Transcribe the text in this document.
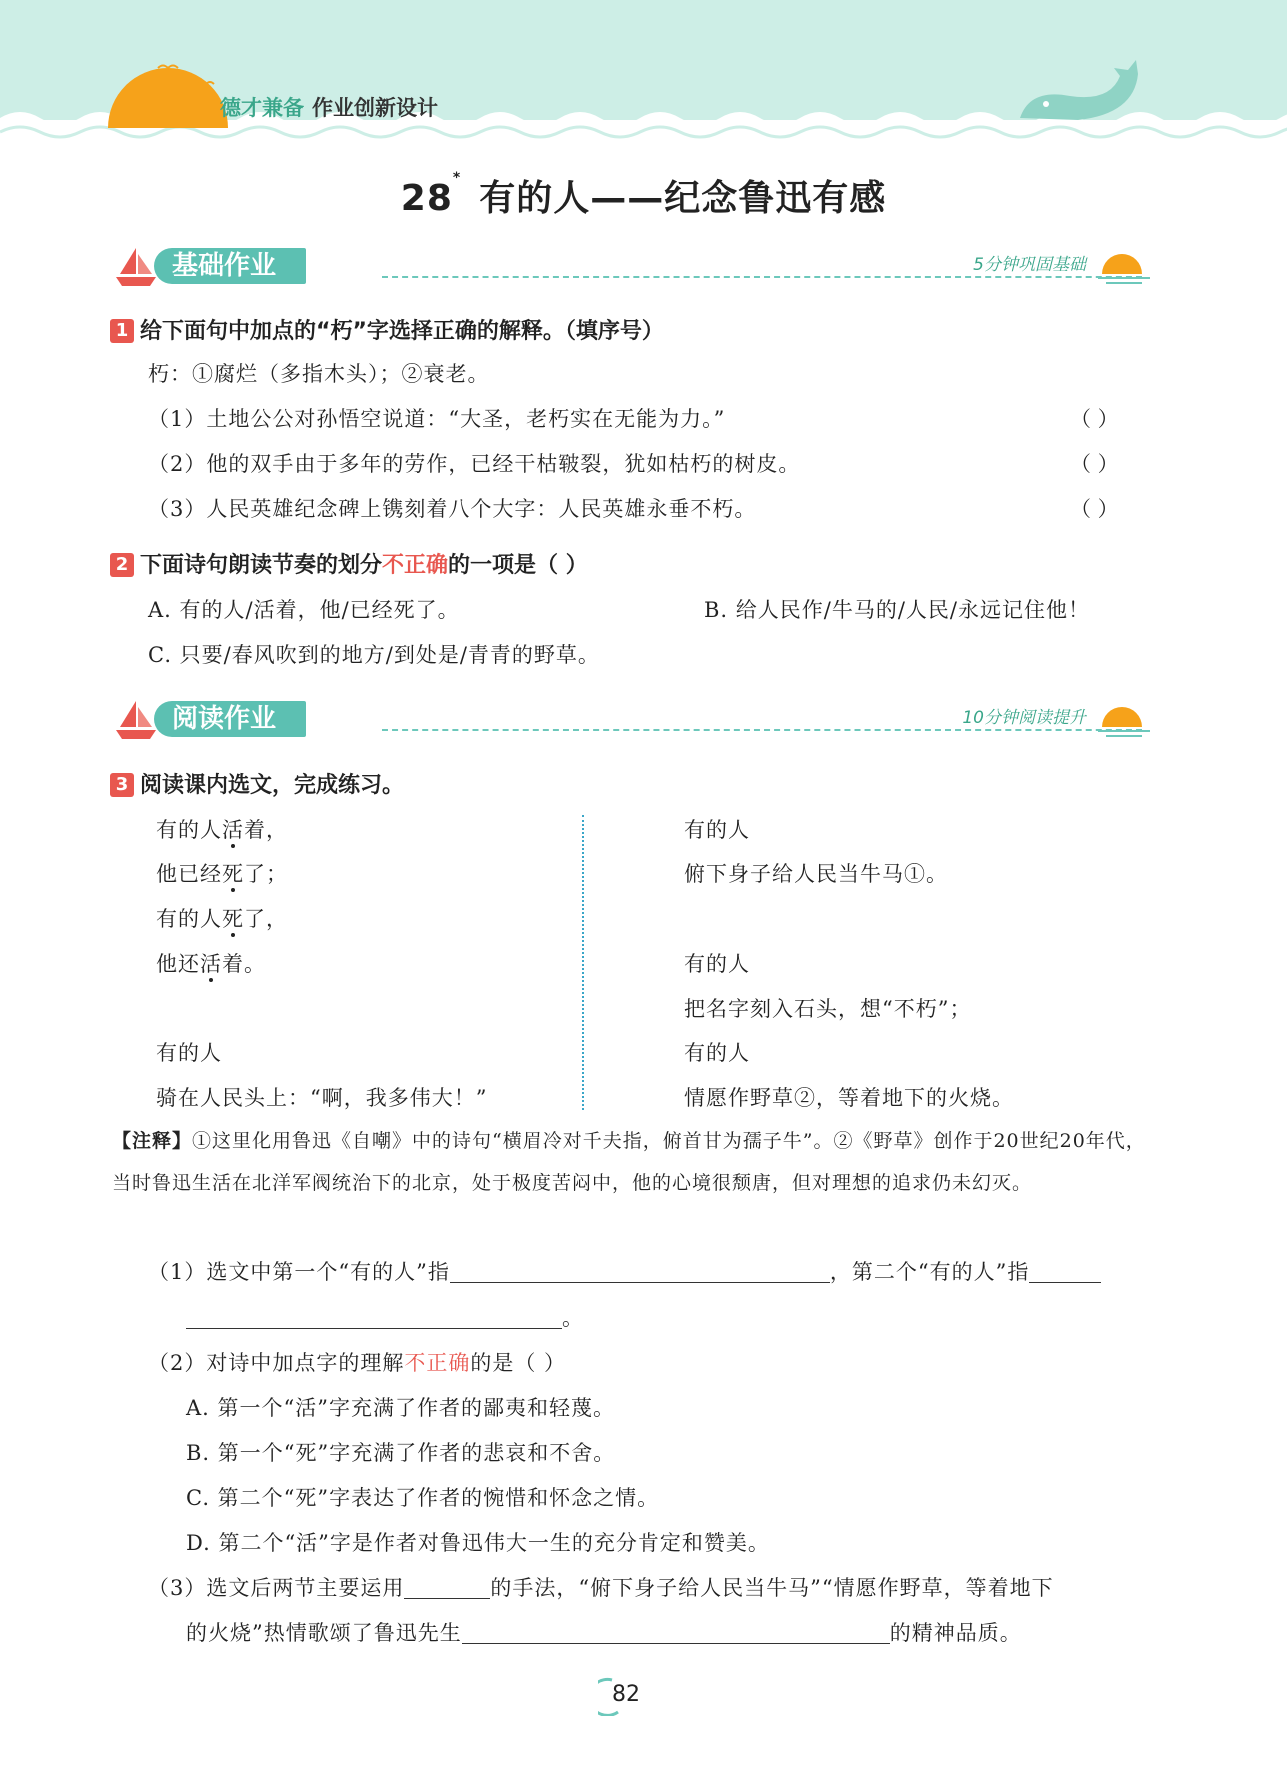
德才兼备 作业创新设计
28* 有的人——纪念鲁迅有感
基础作业	5分钟巩固基础
1 给下面句中加点的“朽”字选择正确的解释。（填序号）
朽：①腐烂（多指木头）；②衰老。
（1）土地公公对孙悟空说道：“大圣，老朽实在无能为力。”	（ ）
（2）他的双手由于多年的劳作，已经干枯皲裂，犹如枯朽的树皮。	（ ）
（3）人民英雄纪念碑上镌刻着八个大字：人民英雄永垂不朽。	（ ）
2 下面诗句朗读节奏的划分不正确的一项是（ ）
A. 有的人/活着，他/已经死了。	B. 给人民作/牛马的/人民/永远记住他！
C. 只要/春风吹到的地方/到处是/青青的野草。
阅读作业	10分钟阅读提升
3 阅读课内选文，完成练习。
有的人活着，
他已经死了；
有的人死了，
他还活着。
有的人
骑在人民头上：“啊，我多伟大！”
有的人
俯下身子给人民当牛马①。
有的人
把名字刻入石头，想“不朽”；
有的人
情愿作野草②，等着地下的火烧。
【注释】①这里化用鲁迅《自嘲》中的诗句“横眉冷对千夫指，俯首甘为孺子牛”。②《野草》创作于20世纪20年代，当时鲁迅生活在北洋军阀统治下的北京，处于极度苦闷中，他的心境很颓唐，但对理想的追求仍未幻灭。
（1）选文中第一个“有的人”指	，第二个“有的人”指
。
（2）对诗中加点字的理解不正确的是（ ）
A. 第一个“活”字充满了作者的鄙夷和轻蔑。
B. 第一个“死”字充满了作者的悲哀和不舍。
C. 第二个“死”字表达了作者的惋惜和怀念之情。
D. 第二个“活”字是作者对鲁迅伟大一生的充分肯定和赞美。
（3）选文后两节主要运用	的手法，“俯下身子给人民当牛马”“情愿作野草，等着地下
的火烧”热情歌颂了鲁迅先生	的精神品质。
82
